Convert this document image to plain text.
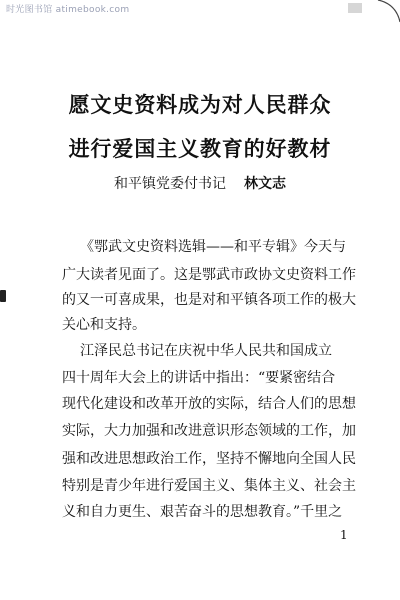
时光图书馆 atimebook.com
愿文史资料成为对人民群众
进行爱国主义教育的好教材
和平镇党委付书记 林文志
《鄂武文史资料选辑——和平专辑》今天与
广大读者见面了。这是鄂武市政协文史资料工作
的又一可喜成果，也是对和平镇各项工作的极大
关心和支持。
江泽民总书记在庆祝中华人民共和国成立
四十周年大会上的讲话中指出：“要紧密结合
现代化建设和改革开放的实际，结合人们的思想
实际，大力加强和改进意识形态领域的工作，加
强和改进思想政治工作，坚持不懈地向全国人民
特别是青少年进行爱国主义、集体主义、社会主
义和自力更生、艰苦奋斗的思想教育。”千里之
1
